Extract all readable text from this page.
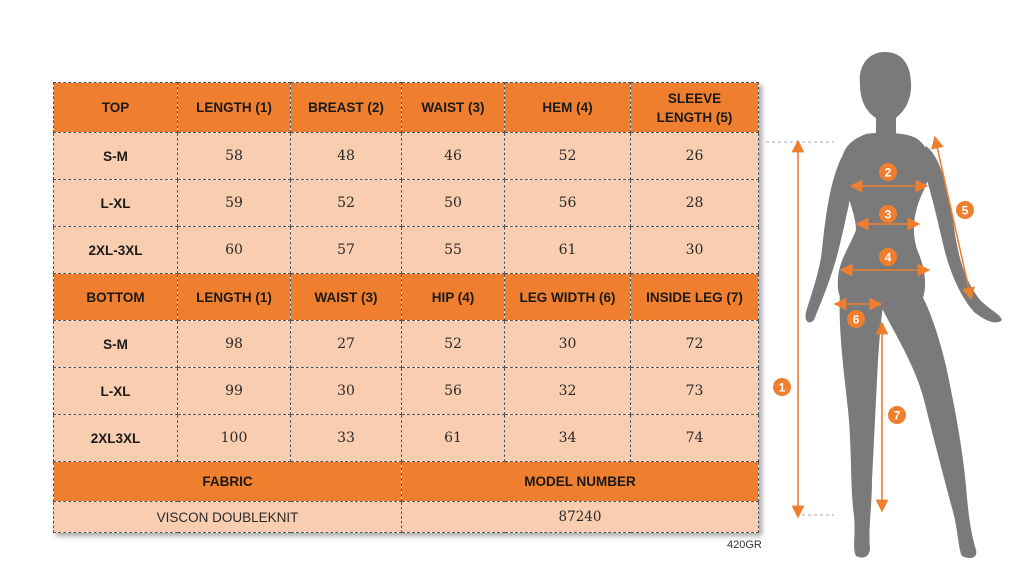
TOP	LENGTH (1)	BREAST (2)	WAIST (3)	HEM (4)	SLEEVE LENGTH (5)
S-M	58	48	46	52	26
L-XL	59	52	50	56	28
2XL-3XL	60	57	55	61	30
BOTTOM	LENGTH (1)	WAIST (3)	HIP (4)	LEG WIDTH (6)	INSIDE LEG (7)
S-M	98	27	52	30	72
L-XL	99	30	56	32	73
2XL3XL	100	33	61	34	74
FABRIC			MODEL NUMBER		
VISCON DOUBLEKNIT			87240		
420GR
1
2
3
4
5
6
7
